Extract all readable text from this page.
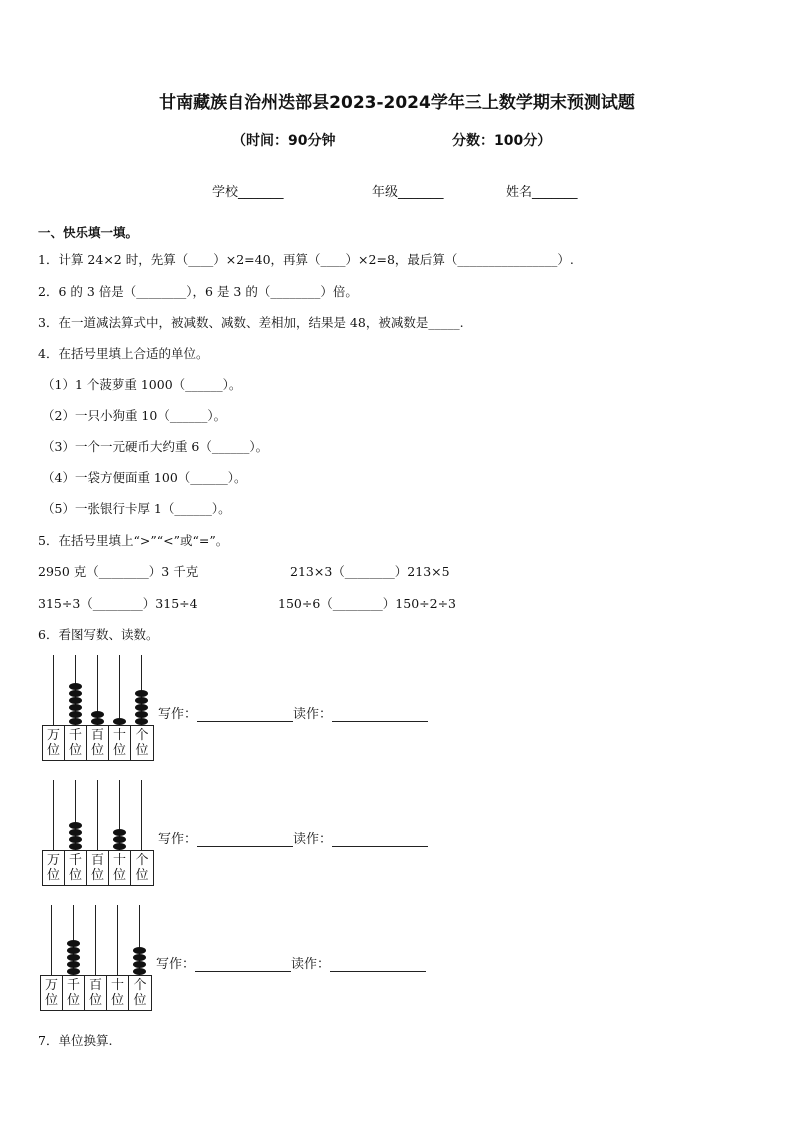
甘南藏族自治州迭部县2023-2024学年三上数学期末预测试题
（时间：90分钟	分数：100分）
学校_______	年级_______	姓名_______
一、快乐填一填。
1．计算 24×2 时，先算（____）×2=40，再算（____）×2=8，最后算（________________）.
2．6 的 3 倍是（________），6 是 3 的（________）倍。
3．在一道减法算式中，被减数、减数、差相加，结果是 48，被减数是_____.
4．在括号里填上合适的单位。
（1）1 个菠萝重 1000（______）。
（2）一只小狗重 10（______）。
（3）一个一元硬币大约重 6（______）。
（4）一袋方便面重 100（______）。
（5）一张银行卡厚 1（______）。
5．在括号里填上“>”“<”或“=”。
2950 克（________）3 千克	213×3（________）213×5
315÷3（________）315÷4	150÷6（________）150÷2÷3
6．看图写数、读数。
万
位
千
位
百
位
十
位
个
位
写作：	读作：
万
位
千
位
百
位
十
位
个
位
写作：	读作：
万
位
千
位
百
位
十
位
个
位
写作：	读作：
7．单位换算.
